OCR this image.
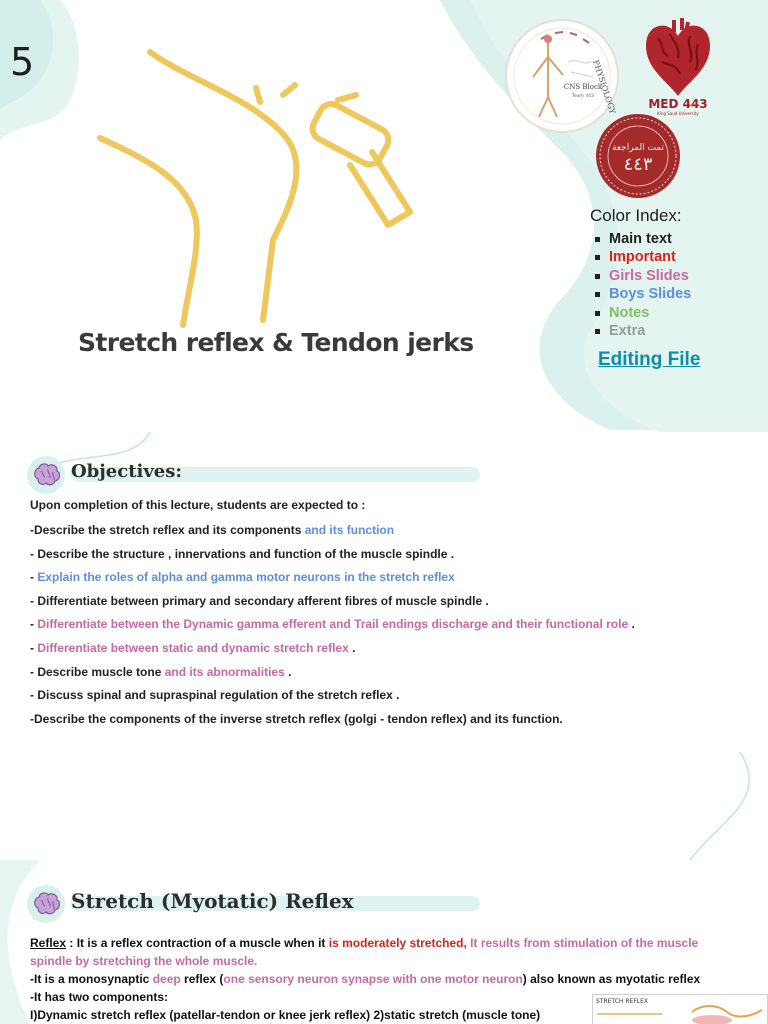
5
Stretch reflex & Tendon jerks
CNS Block
Team 443
PHYSIOLOGY	MED 443
King Saud University
تمت المراجعة
٤٤٣
Color Index:
Main text
Important
Girls Slides
Boys Slides
Notes
Extra
Editing File
Objectives:
Upon completion of this lecture, students are expected to :
-Describe the stretch reflex and its components and its function
- Describe the structure , innervations and function of the muscle spindle .
- Explain the roles of alpha and gamma motor neurons in the stretch reflex
- Differentiate between primary and secondary afferent fibres of muscle spindle .
- Differentiate between the Dynamic gamma efferent and Trail endings discharge and their functional role .
- Differentiate between static and dynamic stretch reflex .
- Describe muscle tone and its abnormalities .
- Discuss spinal and supraspinal regulation of the stretch reflex .
-Describe the components of the inverse stretch reflex (golgi - tendon reflex) and its function.
Stretch (Myotatic) Reflex

Reflex : It is a reflex contraction of a muscle when it is moderately stretched, It results from stimulation of the muscle spindle by stretching the whole muscle.

-It is a monosynaptic deep reflex (one sensory neuron synapse with one motor neuron) also known as myotatic reflex

-It has two components:

I)Dynamic stretch reflex (patellar-tendon or knee jerk reflex) 2)static stretch (muscle tone)

STRETCH REFLEX
